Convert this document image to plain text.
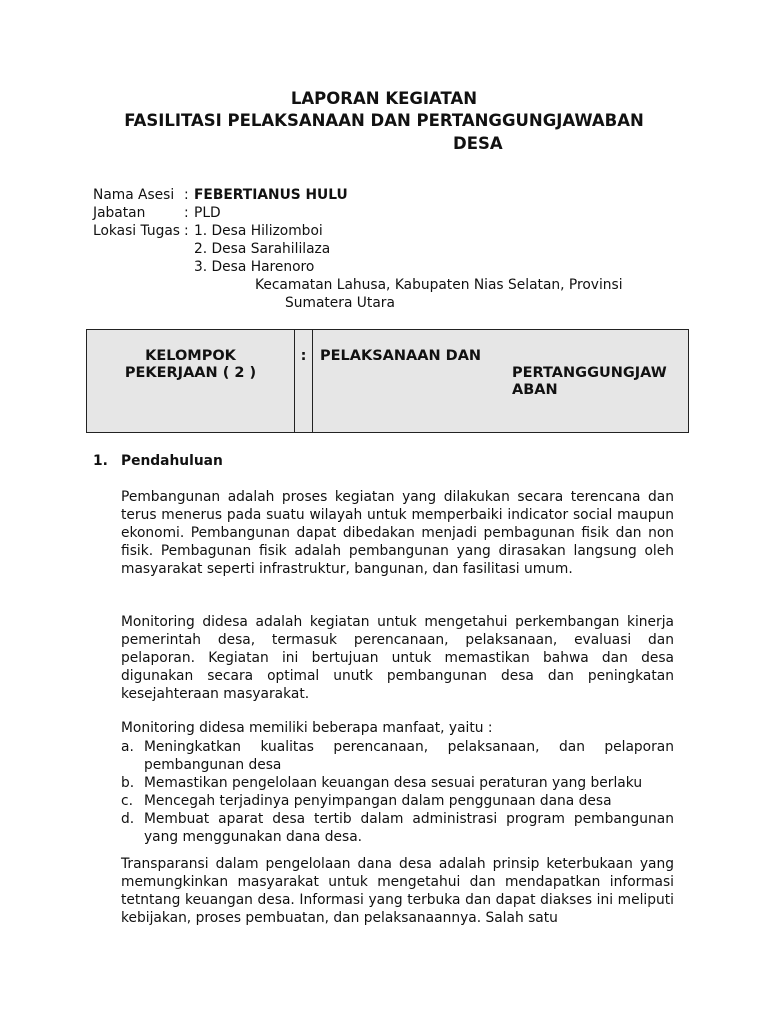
LAPORAN KEGIATAN
FASILITASI PELAKSANAAN DAN PERTANGGUNGJAWABAN
DESA
Nama Asesi : FEBERTIANUS HULU
Jabatan	: PLD
Lokasi Tugas : 1. Desa Hilizomboi
2. Desa Sarahililaza
3. Desa Harenoro
Kecamatan Lahusa, Kabupaten Nias Selatan, Provinsi
Sumatera Utara
KELOMPOK
PEKERJAAN ( 2 )
	:	PELAKSANAAN DAN
PERTANGGUNGJAW
ABAN
1. Pendahuluan
Pembangunan adalah proses kegiatan yang dilakukan secara terencana dan terus menerus pada suatu wilayah untuk memperbaiki indicator social maupun ekonomi. Pembangunan dapat dibedakan menjadi pembagunan fisik dan non fisik. Pembagunan fisik adalah pembangunan yang dirasakan langsung oleh masyarakat seperti infrastruktur, bangunan, dan fasilitasi umum.
Monitoring didesa adalah kegiatan untuk mengetahui perkembangan kinerja pemerintah desa, termasuk perencanaan, pelaksanaan, evaluasi dan pelaporan. Kegiatan ini bertujuan untuk memastikan bahwa dan desa digunakan secara optimal unutk pembangunan desa dan peningkatan kesejahteraan masyarakat.
Monitoring didesa memiliki beberapa manfaat, yaitu :
a. Meningkatkan kualitas perencanaan, pelaksanaan, dan pelaporan pembangunan desa
b. Memastikan pengelolaan keuangan desa sesuai peraturan yang berlaku
c. Mencegah terjadinya penyimpangan dalam penggunaan dana desa
d. Membuat aparat desa tertib dalam administrasi program pembangunan yang menggunakan dana desa.
Transparansi dalam pengelolaan dana desa adalah prinsip keterbukaan yang memungkinkan masyarakat untuk mengetahui dan mendapatkan informasi tetntang keuangan desa. Informasi yang terbuka dan dapat diakses ini meliputi kebijakan, proses pembuatan, dan pelaksanaannya. Salah satu
